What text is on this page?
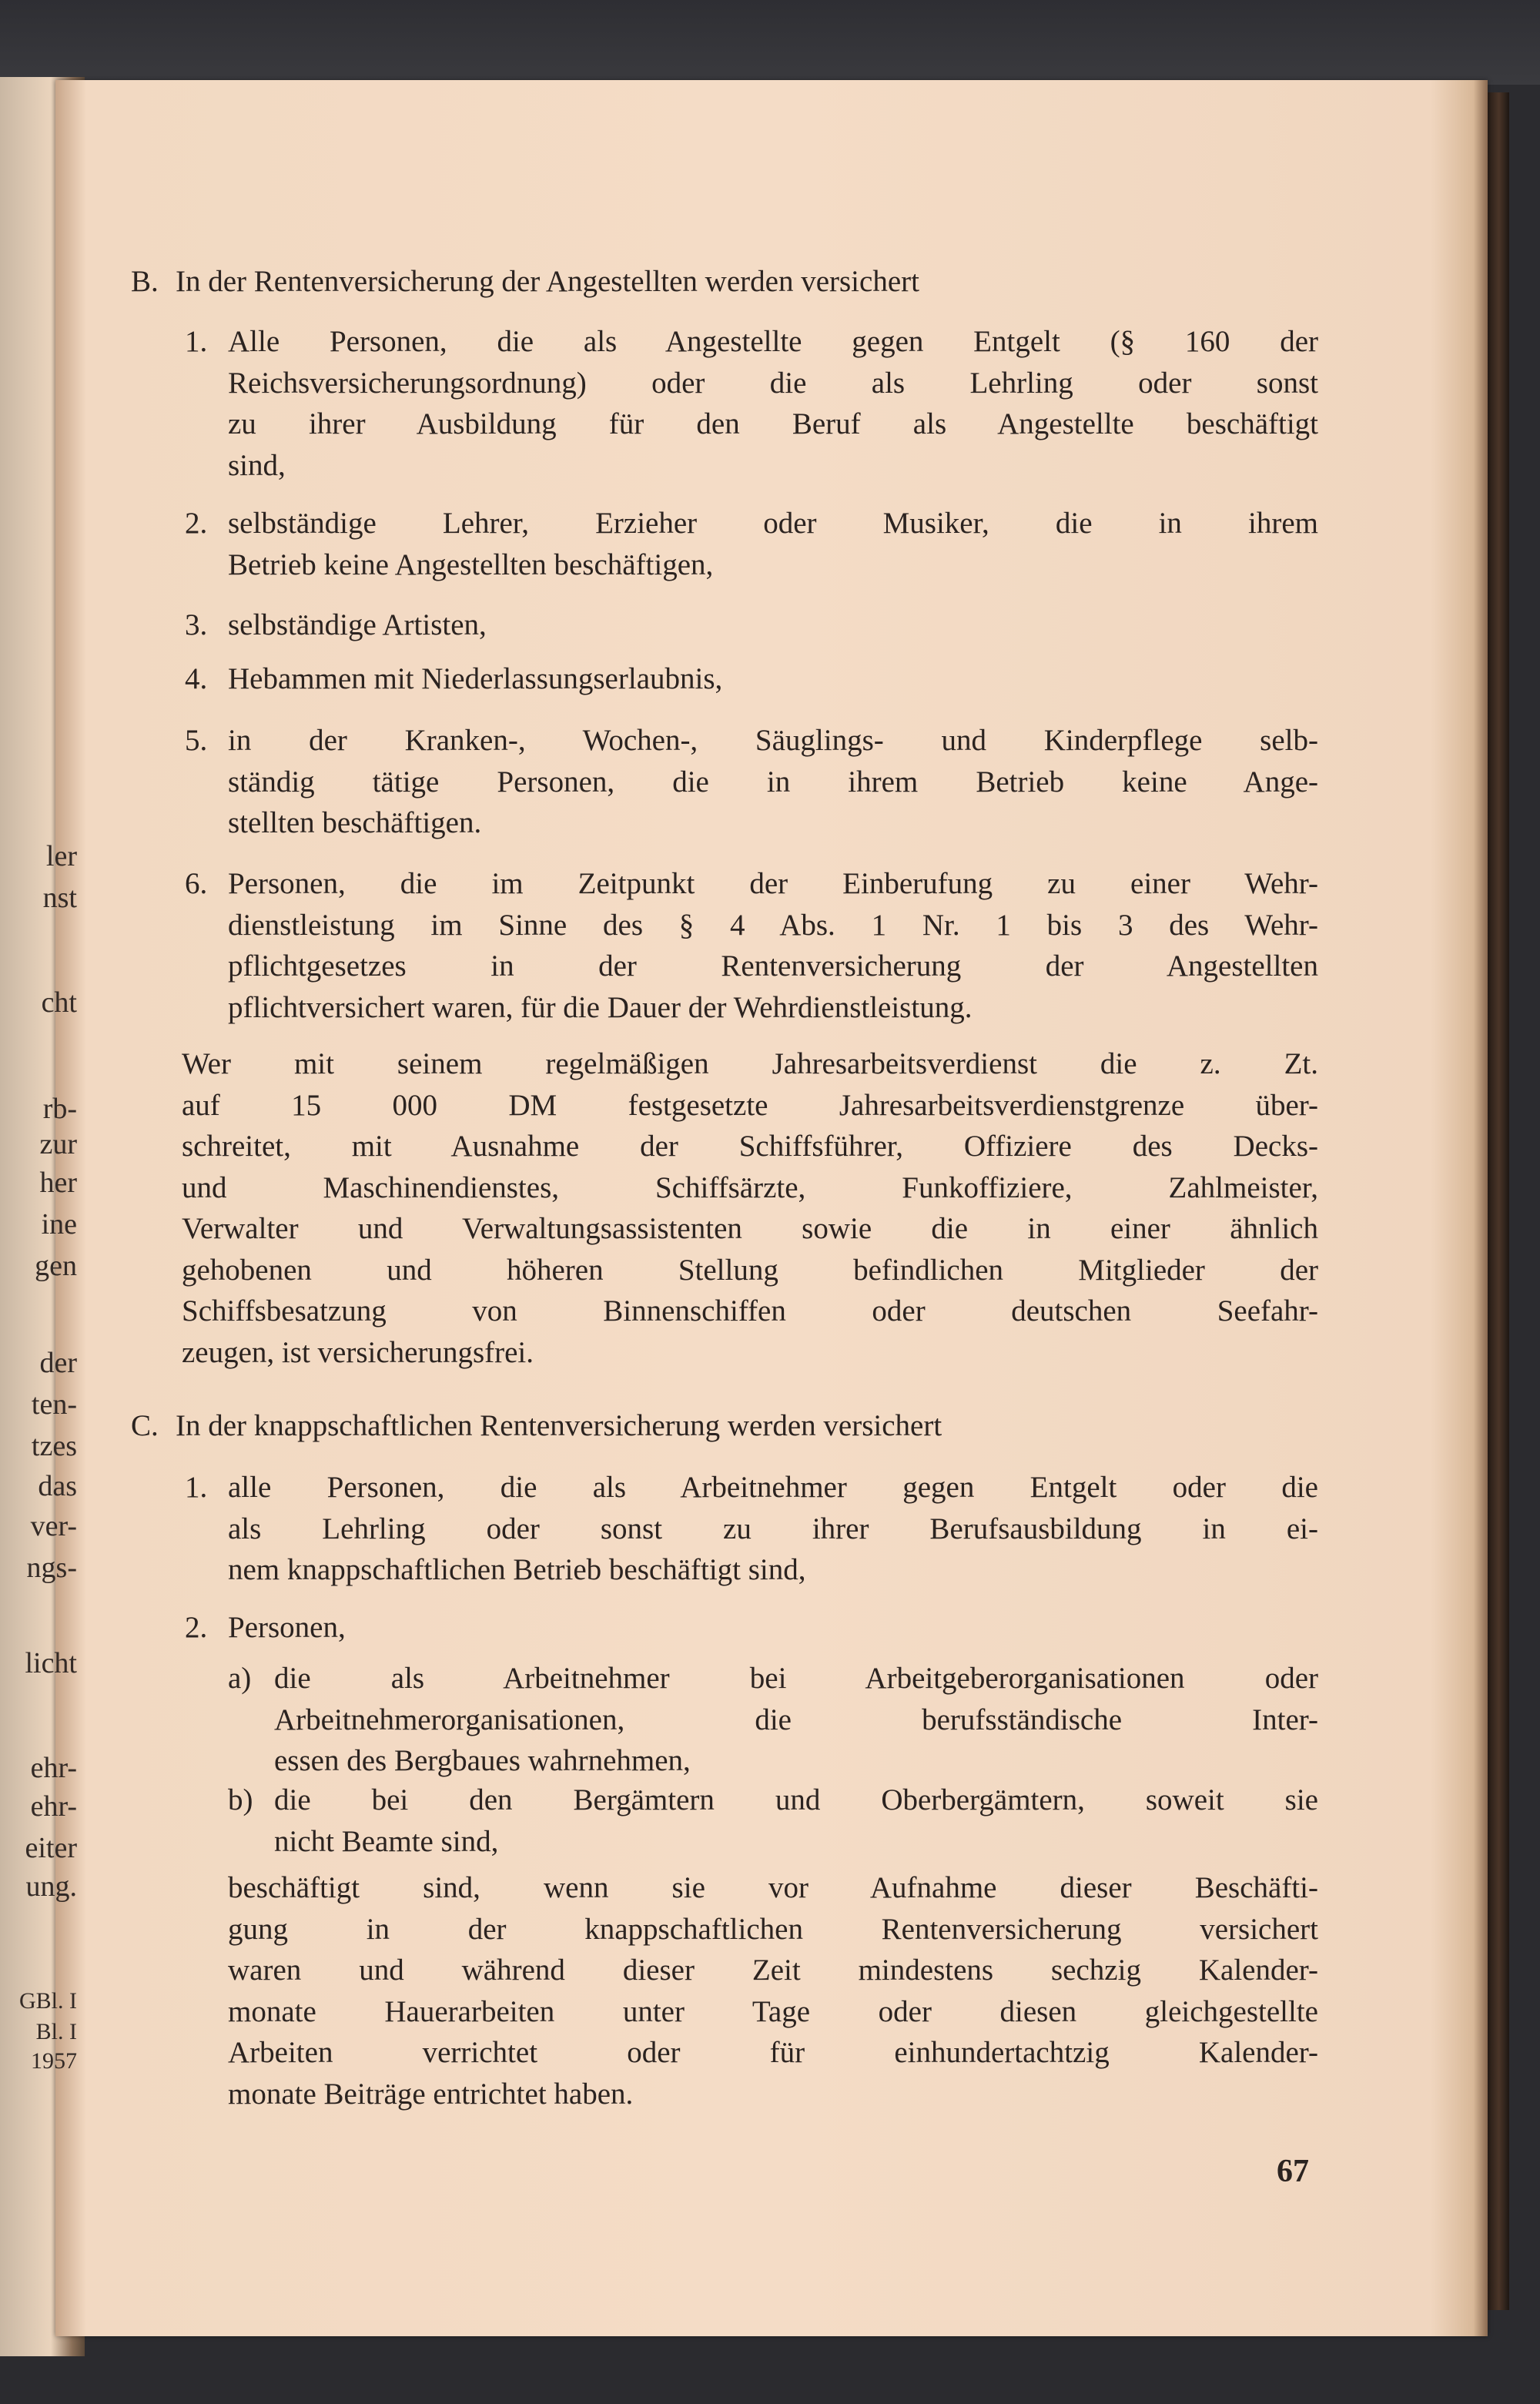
B. In der Rentenversicherung der Angestellten werden versichert
1. Alle Personen, die als Angestellte gegen Entgelt (§ 160 der
Reichsversicherungsordnung) oder die als Lehrling oder sonst
zu ihrer Ausbildung für den Beruf als Angestellte beschäftigt
sind,
2. selbständige Lehrer, Erzieher oder Musiker, die in ihrem
Betrieb keine Angestellten beschäftigen,
3. selbständige Artisten,
4. Hebammen mit Niederlassungserlaubnis,
5. in der Kranken-, Wochen-, Säuglings- und Kinderpflege selb-
ständig tätige Personen, die in ihrem Betrieb keine Ange-
stellten beschäftigen.
6. Personen, die im Zeitpunkt der Einberufung zu einer Wehr-
dienstleistung im Sinne des § 4 Abs. 1 Nr. 1 bis 3 des Wehr-
pflichtgesetzes in der Rentenversicherung der Angestellten
pflichtversichert waren, für die Dauer der Wehrdienstleistung.
Wer mit seinem regelmäßigen Jahresarbeitsverdienst die z. Zt.
auf 15 000 DM festgesetzte Jahresarbeitsverdienstgrenze über-
schreitet, mit Ausnahme der Schiffsführer, Offiziere des Decks-
und Maschinendienstes, Schiffsärzte, Funkoffiziere, Zahlmeister,
Verwalter und Verwaltungsassistenten sowie die in einer ähnlich
gehobenen und höheren Stellung befindlichen Mitglieder der
Schiffsbesatzung von Binnenschiffen oder deutschen Seefahr-
zeugen, ist versicherungsfrei.
C. In der knappschaftlichen Rentenversicherung werden versichert
1. alle Personen, die als Arbeitnehmer gegen Entgelt oder die
als Lehrling oder sonst zu ihrer Berufsausbildung in ei-
nem knappschaftlichen Betrieb beschäftigt sind,
2. Personen,
a) die als Arbeitnehmer bei Arbeitgeberorganisationen oder
Arbeitnehmerorganisationen, die berufsständische Inter-
essen des Bergbaues wahrnehmen,
b) die bei den Bergämtern und Oberbergämtern, soweit sie
nicht Beamte sind,
beschäftigt sind, wenn sie vor Aufnahme dieser Beschäfti-
gung in der knappschaftlichen Rentenversicherung versichert
waren und während dieser Zeit mindestens sechzig Kalender-
monate Hauerarbeiten unter Tage oder diesen gleichgestellte
Arbeiten verrichtet oder für einhundertachtzig Kalender-
monate Beiträge entrichtet haben.
ler
nst
cht
rb-
zur
her
ine
gen
der
ten-
tzes
das
ver-
ngs-
licht
ehr-
ehr-
eiter
ung.
GBl. I
Bl. I
1957
67
